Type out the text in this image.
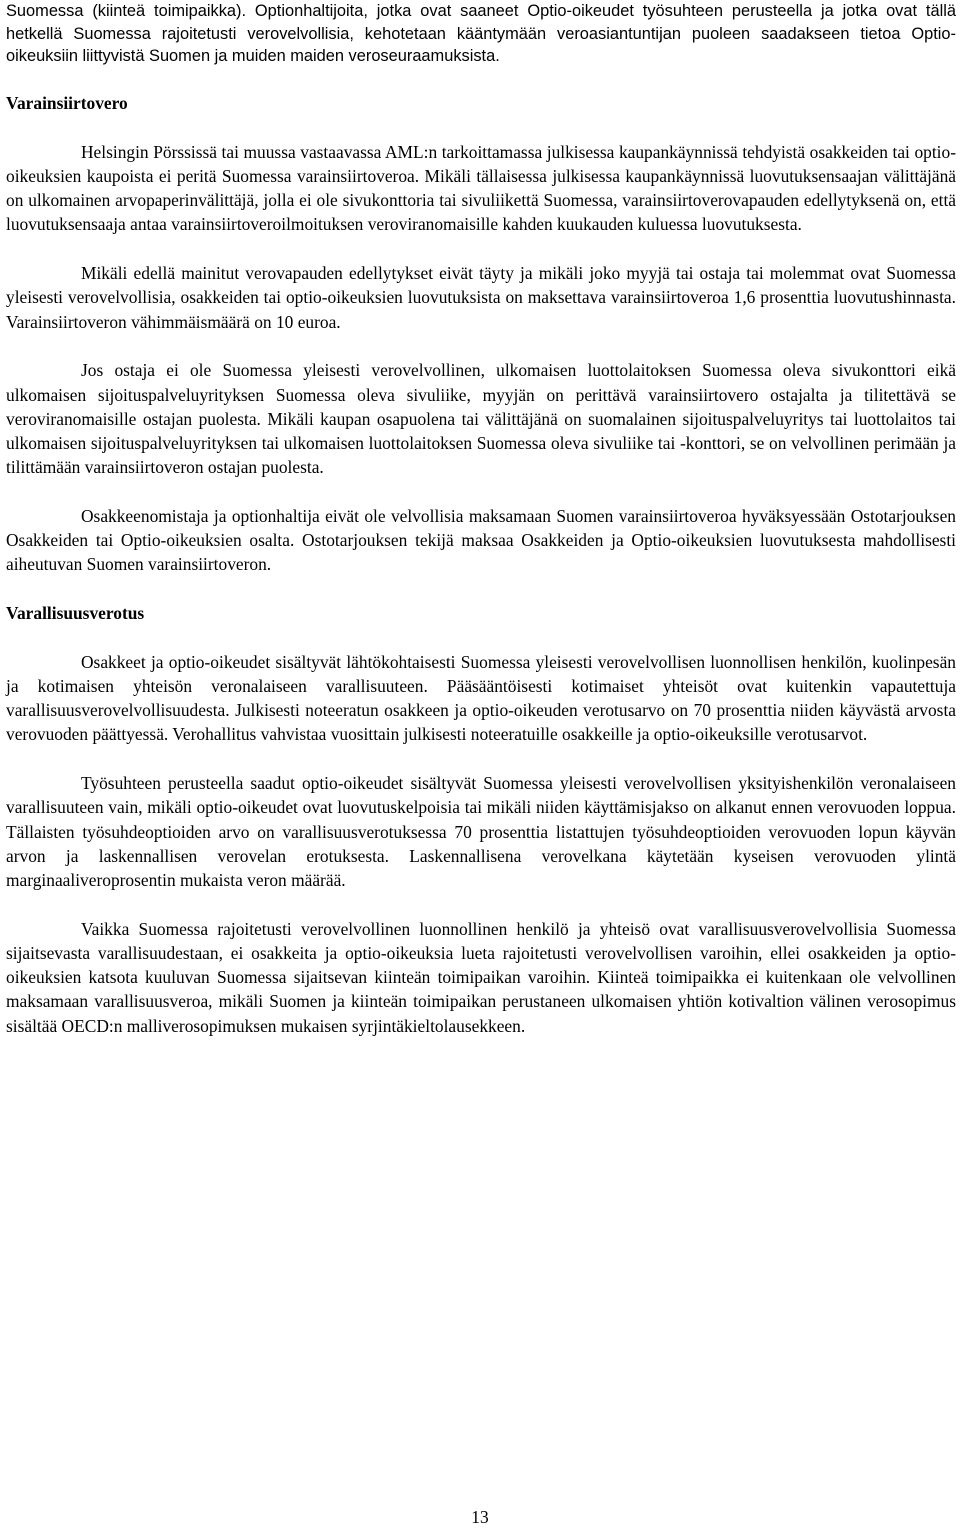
Suomessa (kiinteä toimipaikka). Optionhaltijoita, jotka ovat saaneet Optio-oikeudet työsuhteen perusteella ja jotka ovat tällä hetkellä Suomessa rajoitetusti verovelvollisia, kehotetaan kääntymään veroasiantuntijan puoleen saadakseen tietoa Optio-oikeuksiin liittyvistä Suomen ja muiden maiden veroseuraamuksista.

Varainsiirtovero

Helsingin Pörssissä tai muussa vastaavassa AML:n tarkoittamassa julkisessa kaupankäynnissä tehdyistä osakkeiden tai optio-oikeuksien kaupoista ei peritä Suomessa varainsiirtoveroa. Mikäli tällaisessa julkisessa kaupankäynnissä luovutuksensaajan välittäjänä on ulkomainen arvopaperinvälittäjä, jolla ei ole sivukonttoria tai sivuliikettä Suomessa, varainsiirtoverovapauden edellytyksenä on, että luovutuksensaaja antaa varainsiirtoveroilmoituksen veroviranomaisille kahden kuukauden kuluessa luovutuksesta.

Mikäli edellä mainitut verovapauden edellytykset eivät täyty ja mikäli joko myyjä tai ostaja tai molemmat ovat Suomessa yleisesti verovelvollisia, osakkeiden tai optio-oikeuksien luovutuksista on maksettava varainsiirtoveroa 1,6 prosenttia luovutushinnasta. Varainsiirtoveron vähimmäismäärä on 10 euroa.

Jos ostaja ei ole Suomessa yleisesti verovelvollinen, ulkomaisen luottolaitoksen Suomessa oleva sivukonttori eikä ulkomaisen sijoituspalveluyrityksen Suomessa oleva sivuliike, myyjän on perittävä varainsiirtovero ostajalta ja tilitettävä se veroviranomaisille ostajan puolesta. Mikäli kaupan osapuolena tai välittäjänä on suomalainen sijoituspalveluyritys tai luottolaitos tai ulkomaisen sijoituspalveluyrityksen tai ulkomaisen luottolaitoksen Suomessa oleva sivuliike tai -konttori, se on velvollinen perimään ja tilittämään varainsiirtoveron ostajan puolesta.

Osakkeenomistaja ja optionhaltija eivät ole velvollisia maksamaan Suomen varainsiirtoveroa hyväksyessään Ostotarjouksen Osakkeiden tai Optio-oikeuksien osalta. Ostotarjouksen tekijä maksaa Osakkeiden ja Optio-oikeuksien luovutuksesta mahdollisesti aiheutuvan Suomen varainsiirtoveron.

Varallisuusverotus

Osakkeet ja optio-oikeudet sisältyvät lähtökohtaisesti Suomessa yleisesti verovelvollisen luonnollisen henkilön, kuolinpesän ja kotimaisen yhteisön veronalaiseen varallisuuteen. Pääsääntöisesti kotimaiset yhteisöt ovat kuitenkin vapautettuja varallisuusverovelvollisuudesta. Julkisesti noteeratun osakkeen ja optio-oikeuden verotusarvo on 70 prosenttia niiden käyvästä arvosta verovuoden päättyessä. Verohallitus vahvistaa vuosittain julkisesti noteeratuille osakkeille ja optio-oikeuksille verotusarvot.

Työsuhteen perusteella saadut optio-oikeudet sisältyvät Suomessa yleisesti verovelvollisen yksityishenkilön veronalaiseen varallisuuteen vain, mikäli optio-oikeudet ovat luovutuskelpoisia tai mikäli niiden käyttämisjakso on alkanut ennen verovuoden loppua. Tällaisten työsuhdeoptioiden arvo on varallisuusverotuksessa 70 prosenttia listattujen työsuhdeoptioiden verovuoden lopun käyvän arvon ja laskennallisen verovelan erotuksesta. Laskennallisena verovelkana käytetään kyseisen verovuoden ylintä marginaaliveroprosentin mukaista veron määrää.

Vaikka Suomessa rajoitetusti verovelvollinen luonnollinen henkilö ja yhteisö ovat varallisuusverovelvollisia Suomessa sijaitsevasta varallisuudestaan, ei osakkeita ja optio-oikeuksia lueta rajoitetusti verovelvollisen varoihin, ellei osakkeiden ja optio-oikeuksien katsota kuuluvan Suomessa sijaitsevan kiinteän toimipaikan varoihin. Kiinteä toimipaikka ei kuitenkaan ole velvollinen maksamaan varallisuusveroa, mikäli Suomen ja kiinteän toimipaikan perustaneen ulkomaisen yhtiön kotivaltion välinen verosopimus sisältää OECD:n malliverosopimuksen mukaisen syrjintäkieltolausekkeen.

13
